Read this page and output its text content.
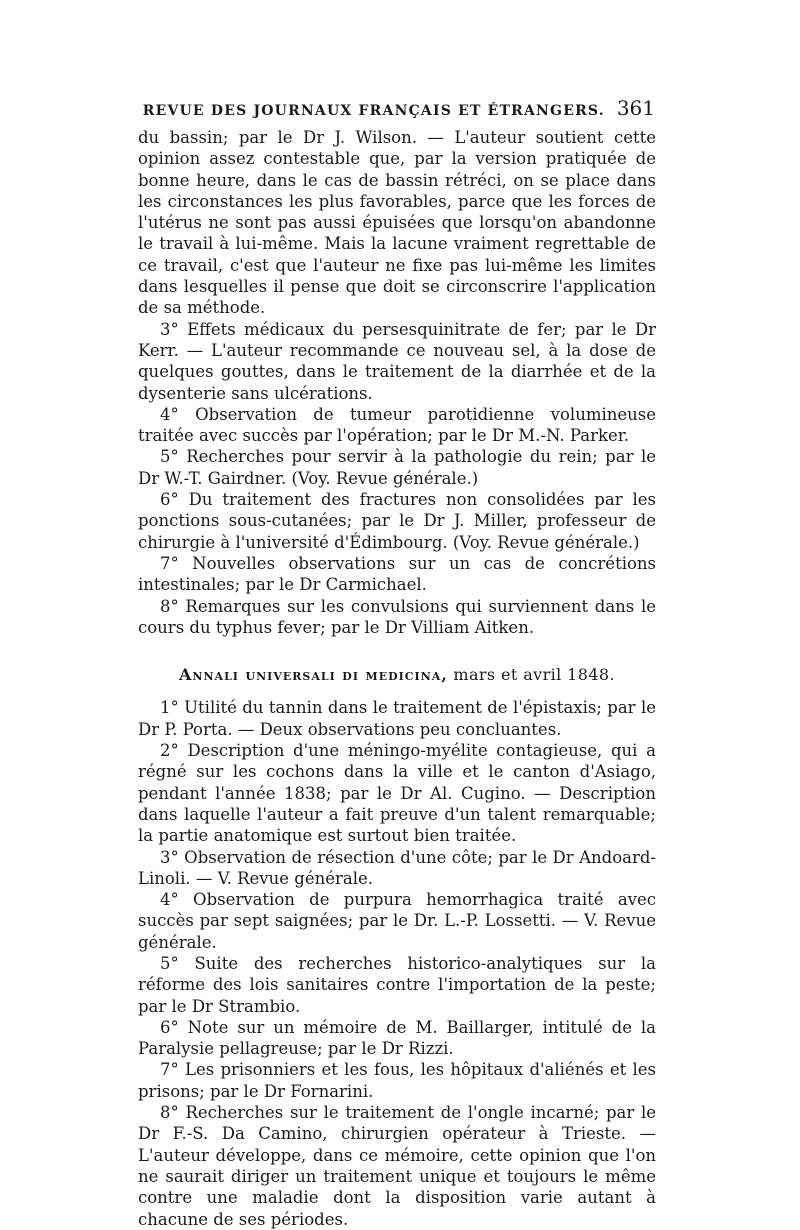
REVUE DES JOURNAUX FRANÇAIS ET ÉTRANGERS. 361

du bassin; par le Dr J. Wilson. — L'auteur soutient cette opinion assez contestable que, par la version pratiquée de bonne heure, dans le cas de bassin rétréci, on se place dans les circonstances les plus favorables, parce que les forces de l'utérus ne sont pas aussi épuisées que lorsqu'on abandonne le travail à lui-même. Mais la lacune vraiment regrettable de ce travail, c'est que l'auteur ne fixe pas lui-même les limites dans lesquelles il pense que doit se circonscrire l'application de sa méthode.

3° Effets médicaux du persesquinitrate de fer; par le Dr Kerr. — L'auteur recommande ce nouveau sel, à la dose de quelques gouttes, dans le traitement de la diarrhée et de la dysenterie sans ulcérations.

4° Observation de tumeur parotidienne volumineuse traitée avec succès par l'opération; par le Dr M.-N. Parker.

5° Recherches pour servir à la pathologie du rein; par le Dr W.-T. Gairdner. (Voy. Revue générale.)

6° Du traitement des fractures non consolidées par les ponctions sous-cutanées; par le Dr J. Miller, professeur de chirurgie à l'université d'Édimbourg. (Voy. Revue générale.)

7° Nouvelles observations sur un cas de concrétions intestinales; par le Dr Carmichael.

8° Remarques sur les convulsions qui surviennent dans le cours du typhus fever; par le Dr Villiam Aitken.

Annali universali di medicina, mars et avril 1848.

1° Utilité du tannin dans le traitement de l'épistaxis; par le Dr P. Porta. — Deux observations peu concluantes.

2° Description d'une méningo-myélite contagieuse, qui a régné sur les cochons dans la ville et le canton d'Asiago, pendant l'année 1838; par le Dr Al. Cugino. — Description dans laquelle l'auteur a fait preuve d'un talent remarquable; la partie anatomique est surtout bien traitée.

3° Observation de résection d'une côte; par le Dr Andoard-Linoli. — V. Revue générale.

4° Observation de purpura hemorrhagica traité avec succès par sept saignées; par le Dr. L.-P. Lossetti. — V. Revue générale.

5° Suite des recherches historico-analytiques sur la réforme des lois sanitaires contre l'importation de la peste; par le Dr Strambio.

6° Note sur un mémoire de M. Baillarger, intitulé de la Paralysie pellagreuse; par le Dr Rizzi.

7° Les prisonniers et les fous, les hôpitaux d'aliénés et les prisons; par le Dr Fornarini.

8° Recherches sur le traitement de l'ongle incarné; par le Dr F.-S. Da Camino, chirurgien opérateur à Trieste. — L'auteur développe, dans ce mémoire, cette opinion que l'on ne saurait diriger un traitement unique et toujours le même contre une maladie dont la disposition varie autant à chacune de ses périodes.
